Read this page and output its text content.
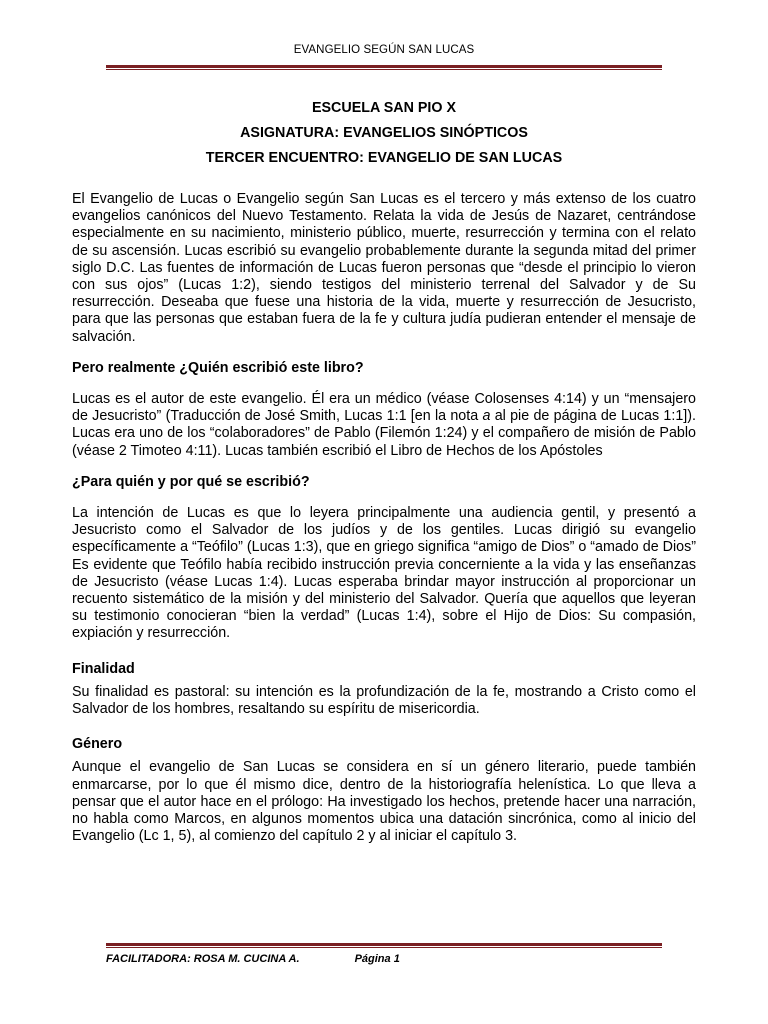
EVANGELIO SEGÚN SAN LUCAS
ESCUELA SAN PIO X
ASIGNATURA: EVANGELIOS SINÓPTICOS
TERCER ENCUENTRO: EVANGELIO DE SAN LUCAS

El Evangelio de Lucas o Evangelio según San Lucas es el tercero y más extenso de los cuatro evangelios canónicos del Nuevo Testamento. Relata la vida de Jesús de Nazaret, centrándose especialmente en su nacimiento, ministerio público, muerte, resurrección y termina con el relato de su ascensión. Lucas escribió su evangelio probablemente durante la segunda mitad del primer siglo D.C. Las fuentes de información de Lucas fueron personas que “desde el principio lo vieron con sus ojos” (Lucas 1:2), siendo testigos del ministerio terrenal del Salvador y de Su resurrección. Deseaba que fuese una historia de la vida, muerte y resurrección de Jesucristo, para que las personas que estaban fuera de la fe y cultura judía pudieran entender el mensaje de salvación.

Pero realmente ¿Quién escribió este libro?

Lucas es el autor de este evangelio. Él era un médico (véase Colosenses 4:14) y un “mensajero de Jesucristo” (Traducción de José Smith, Lucas 1:1 [en la nota a al pie de página de Lucas 1:1]). Lucas era uno de los “colaboradores” de Pablo (Filemón 1:24) y el compañero de misión de Pablo (véase 2 Timoteo 4:11). Lucas también escribió el Libro de Hechos de los Apóstoles

¿Para quién y por qué se escribió?

La intención de Lucas es que lo leyera principalmente una audiencia gentil, y presentó a Jesucristo como el Salvador de los judíos y de los gentiles. Lucas dirigió su evangelio específicamente a “Teófilo” (Lucas 1:3), que en griego significa “amigo de Dios” o “amado de Dios” Es evidente que Teófilo había recibido instrucción previa concerniente a la vida y las enseñanzas de Jesucristo (véase Lucas 1:4). Lucas esperaba brindar mayor instrucción al proporcionar un recuento sistemático de la misión y del ministerio del Salvador. Quería que aquellos que leyeran su testimonio conocieran “bien la verdad” (Lucas 1:4), sobre el Hijo de Dios: Su compasión, expiación y resurrección.

Finalidad

Su finalidad es pastoral: su intención es la profundización de la fe, mostrando a Cristo como el Salvador de los hombres, resaltando su espíritu de misericordia.

Género

Aunque el evangelio de San Lucas se considera en sí un género literario, puede también enmarcarse, por lo que él mismo dice, dentro de la historiografía helenística. Lo que lleva a pensar que el autor hace en el prólogo: Ha investigado los hechos, pretende hacer una narración, no habla como Marcos, en algunos momentos ubica una datación sincrónica, como al inicio del Evangelio (Lc 1, 5), al comienzo del capítulo 2 y al iniciar el capítulo 3.

FACILITADORA: ROSA M. CUCINA A.	Página 1
